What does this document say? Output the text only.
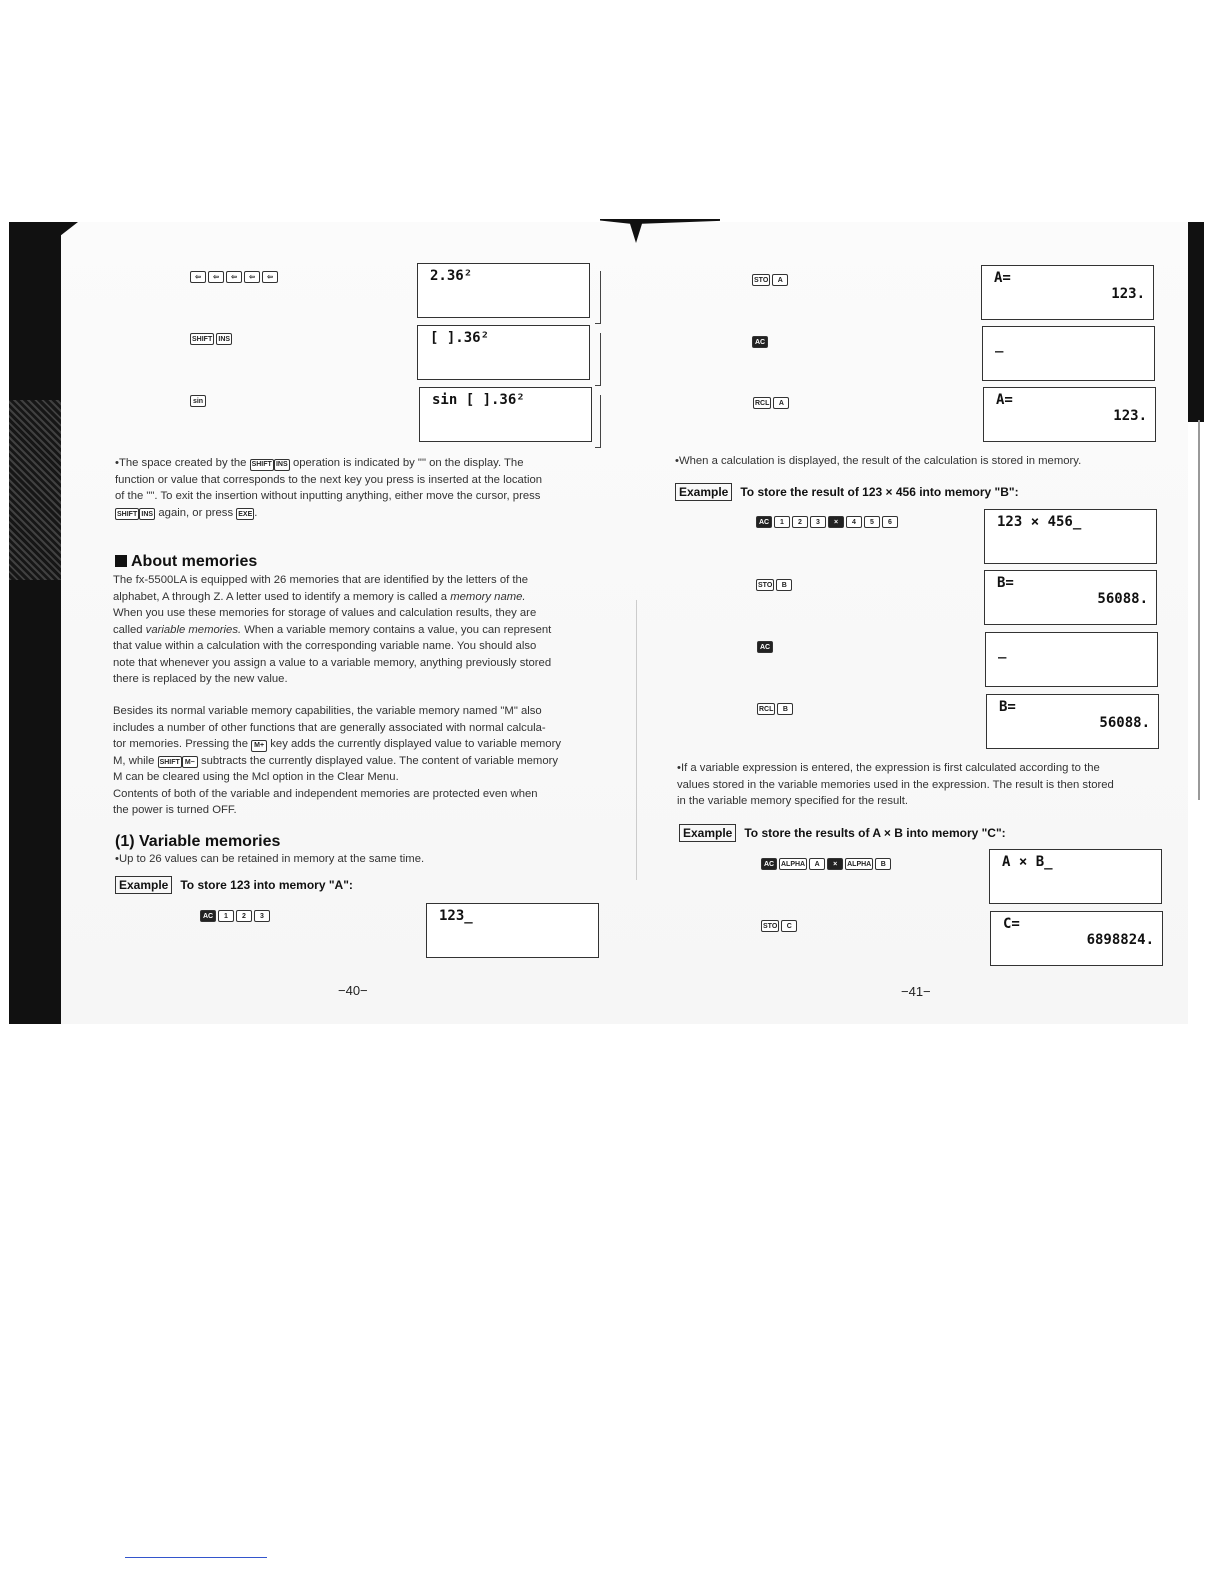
⇦	⇦	⇦	⇦	⇦	2.36²
SHIFT INS	[ ].36²
sin	sin [ ].36²

•The space created by the SHIFT INS operation is indicated by "" on the display. The

function or value that corresponds to the next key you press is inserted at the location

of the "". To exit the insertion without inputting anything, either move the cursor, press

SHIFT INS again, or press EXE .

About memories

The fx-5500LA is equipped with 26 memories that are identified by the letters of the

alphabet, A through Z. A letter used to identify a memory is called a memory name.

When you use these memories for storage of values and calculation results, they are

called variable memories. When a variable memory contains a value, you can represent

that value within a calculation with the corresponding variable name. You should also

note that whenever you assign a value to a variable memory, anything previously stored

there is replaced by the new value.

Besides its normal variable memory capabilities, the variable memory named "M" also

includes a number of other functions that are generally associated with normal calcula-

tor memories. Pressing the M+ key adds the currently displayed value to variable memory

M, while SHIFT M− subtracts the currently displayed value. The content of variable memory

M can be cleared using the Mcl option in the Clear Menu.

Contents of both of the variable and independent memories are protected even when

the power is turned OFF.

(1) Variable memories
•Up to 26 values can be retained in memory at the same time.
Example	To store 123 into memory "A":
AC	1	2	3	123_
−40−
STO	A	A=
123.
AC	_
RCL	A	A=
123.
•When a calculation is displayed, the result of the calculation is stored in memory.
Example	To store the result of 123 × 456 into memory "B":
AC	1	2	3	×	4	5	6	123 × 456_
STO	B	B=
56088.
AC	_
RCL	B	B=
56088.

•If a variable expression is entered, the expression is first calculated according to the

values stored in the variable memories used in the expression. The result is then stored

in the variable memory specified for the result.

Example	To store the results of A × B into memory "C":
AC ALPHA	A	×	ALPHA	B	A × B_
STO	C	C=
6898824.
−41−
